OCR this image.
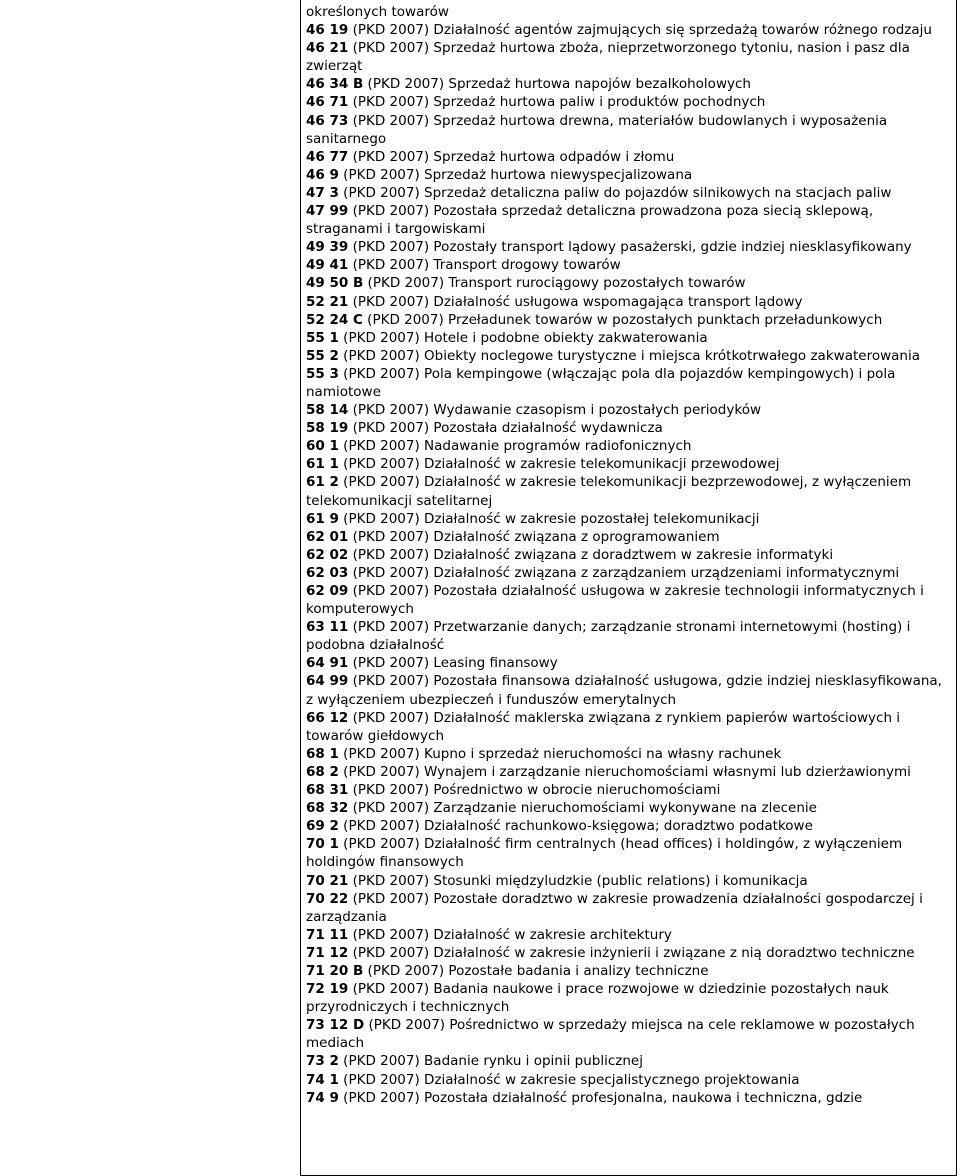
określonych towarów
46 19 (PKD 2007) Działalność agentów zajmujących się sprzedażą towarów różnego rodzaju
46 21 (PKD 2007) Sprzedaż hurtowa zboża, nieprzetworzonego tytoniu, nasion i pasz dla zwierząt
46 34 B (PKD 2007) Sprzedaż hurtowa napojów bezalkoholowych
46 71 (PKD 2007) Sprzedaż hurtowa paliw i produktów pochodnych
46 73 (PKD 2007) Sprzedaż hurtowa drewna, materiałów budowlanych i wyposażenia sanitarnego
46 77 (PKD 2007) Sprzedaż hurtowa odpadów i złomu
46 9 (PKD 2007) Sprzedaż hurtowa niewyspecjalizowana
47 3 (PKD 2007) Sprzedaż detaliczna paliw do pojazdów silnikowych na stacjach paliw
47 99 (PKD 2007) Pozostała sprzedaż detaliczna prowadzona poza siecią sklepową, straganami i targowiskami
49 39 (PKD 2007) Pozostały transport lądowy pasażerski, gdzie indziej niesklasyfikowany
49 41 (PKD 2007) Transport drogowy towarów
49 50 B (PKD 2007) Transport rurociągowy pozostałych towarów
52 21 (PKD 2007) Działalność usługowa wspomagająca transport lądowy
52 24 C (PKD 2007) Przeładunek towarów w pozostałych punktach przeładunkowych
55 1 (PKD 2007) Hotele i podobne obiekty zakwaterowania
55 2 (PKD 2007) Obiekty noclegowe turystyczne i miejsca krótkotrwałego zakwaterowania
55 3 (PKD 2007) Pola kempingowe (włączając pola dla pojazdów kempingowych) i pola namiotowe
58 14 (PKD 2007) Wydawanie czasopism i pozostałych periodyków
58 19 (PKD 2007) Pozostała działalność wydawnicza
60 1 (PKD 2007) Nadawanie programów radiofonicznych
61 1 (PKD 2007) Działalność w zakresie telekomunikacji przewodowej
61 2 (PKD 2007) Działalność w zakresie telekomunikacji bezprzewodowej, z wyłączeniem telekomunikacji satelitarnej
61 9 (PKD 2007) Działalność w zakresie pozostałej telekomunikacji
62 01 (PKD 2007) Działalność związana z oprogramowaniem
62 02 (PKD 2007) Działalność związana z doradztwem w zakresie informatyki
62 03 (PKD 2007) Działalność związana z zarządzaniem urządzeniami informatycznymi
62 09 (PKD 2007) Pozostała działalność usługowa w zakresie technologii informatycznych i komputerowych
63 11 (PKD 2007) Przetwarzanie danych; zarządzanie stronami internetowymi (hosting) i podobna działalność
64 91 (PKD 2007) Leasing finansowy
64 99 (PKD 2007) Pozostała finansowa działalność usługowa, gdzie indziej niesklasyfikowana, z wyłączeniem ubezpieczeń i funduszów emerytalnych
66 12 (PKD 2007) Działalność maklerska związana z rynkiem papierów wartościowych i towarów giełdowych
68 1 (PKD 2007) Kupno i sprzedaż nieruchomości na własny rachunek
68 2 (PKD 2007) Wynajem i zarządzanie nieruchomościami własnymi lub dzierżawionymi
68 31 (PKD 2007) Pośrednictwo w obrocie nieruchomościami
68 32 (PKD 2007) Zarządzanie nieruchomościami wykonywane na zlecenie
69 2 (PKD 2007) Działalność rachunkowo-księgowa; doradztwo podatkowe
70 1 (PKD 2007) Działalność firm centralnych (head offices) i holdingów, z wyłączeniem holdingów finansowych
70 21 (PKD 2007) Stosunki międzyludzkie (public relations) i komunikacja
70 22 (PKD 2007) Pozostałe doradztwo w zakresie prowadzenia działalności gospodarczej i zarządzania
71 11 (PKD 2007) Działalność w zakresie architektury
71 12 (PKD 2007) Działalność w zakresie inżynierii i związane z nią doradztwo techniczne
71 20 B (PKD 2007) Pozostałe badania i analizy techniczne
72 19 (PKD 2007) Badania naukowe i prace rozwojowe w dziedzinie pozostałych nauk przyrodniczych i technicznych
73 12 D (PKD 2007) Pośrednictwo w sprzedaży miejsca na cele reklamowe w pozostałych mediach
73 2 (PKD 2007) Badanie rynku i opinii publicznej
74 1 (PKD 2007) Działalność w zakresie specjalistycznego projektowania
74 9 (PKD 2007) Pozostała działalność profesjonalna, naukowa i techniczna, gdzie
